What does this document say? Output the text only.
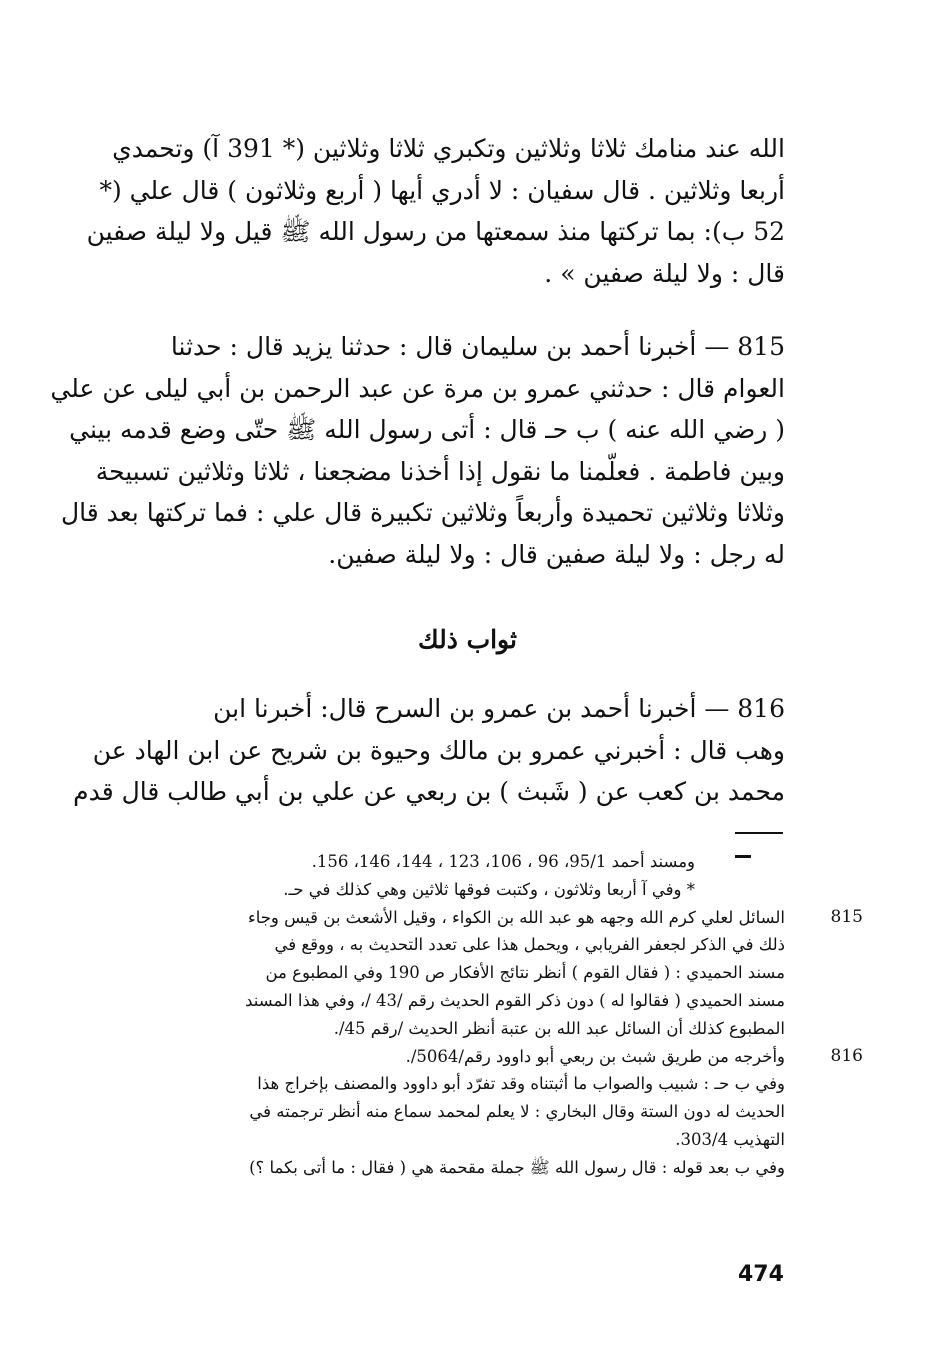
الله عند منامك ثلاثا وثلاثين وتكبري ثلاثا وثلاثين (* 391 آ) وتحمدي
أربعا وثلاثين . قال سفيان : لا أدري أيها ( أربع وثلاثون ) قال علي (*
52 ب): بما تركتها منذ سمعتها من رسول الله ﷺ قيل ولا ليلة صفين
قال : ولا ليلة صفين » .
815 — أخبرنا أحمد بن سليمان قال : حدثنا يزيد قال : حدثنا
العوام قال : حدثني عمرو بن مرة عن عبد الرحمن بن أبي ليلى عن علي
( رضي الله عنه ) ب حـ قال : أتى رسول الله ﷺ حتّى وضع قدمه بيني
وبين فاطمة . فعلّمنا ما نقول إذا أخذنا مضجعنا ، ثلاثا وثلاثين تسبيحة
وثلاثا وثلاثين تحميدة وأربعاً وثلاثين تكبيرة قال علي : فما تركتها بعد قال
له رجل : ولا ليلة صفين قال : ولا ليلة صفين.
ثواب ذلك
816 — أخبرنا أحمد بن عمرو بن السرح قال: أخبرنا ابن
وهب قال : أخبرني عمرو بن مالك وحيوة بن شريح عن ابن الهاد عن
محمد بن كعب عن ( شَبث ) بن ربعي عن علي بن أبي طالب قال قدم
ومسند أحمد 95/1، 96 ، 106، 123 ، 144، 146، 156.
* وفي آ أربعا وثلاثون ، وكتبت فوقها ثلاثين وهي كذلك في حـ.
815
السائل لعلي كرم الله وجهه هو عبد الله بن الكواء ، وقيل الأشعث بن قيس وجاء
ذلك في الذكر لجعفر الفريابي ، ويحمل هذا على تعدد التحديث به ، ووقع في
مسند الحميدي : ( فقال القوم ) أنظر نتائج الأفكار ص 190 وفي المطبوع من
مسند الحميدي ( فقالوا له ) دون ذكر القوم الحديث رقم /43 /، وفي هذا المسند
المطبوع كذلك أن السائل عبد الله بن عتبة أنظر الحديث /رقم 45/.
816
وأخرجه من طريق شبث بن ربعي أبو داوود رقم/5064/.
وفي ب حـ : شبيب والصواب ما أثبتناه وقد تفرّد أبو داوود والمصنف بإخراج هذا
الحديث له دون الستة وقال البخاري : لا يعلم لمحمد سماع منه أنظر ترجمته في
التهذيب 303/4.
وفي ب بعد قوله : قال رسول الله ﷺ جملة مقحمة هي ( فقال : ما أتى بكما ؟)
474
